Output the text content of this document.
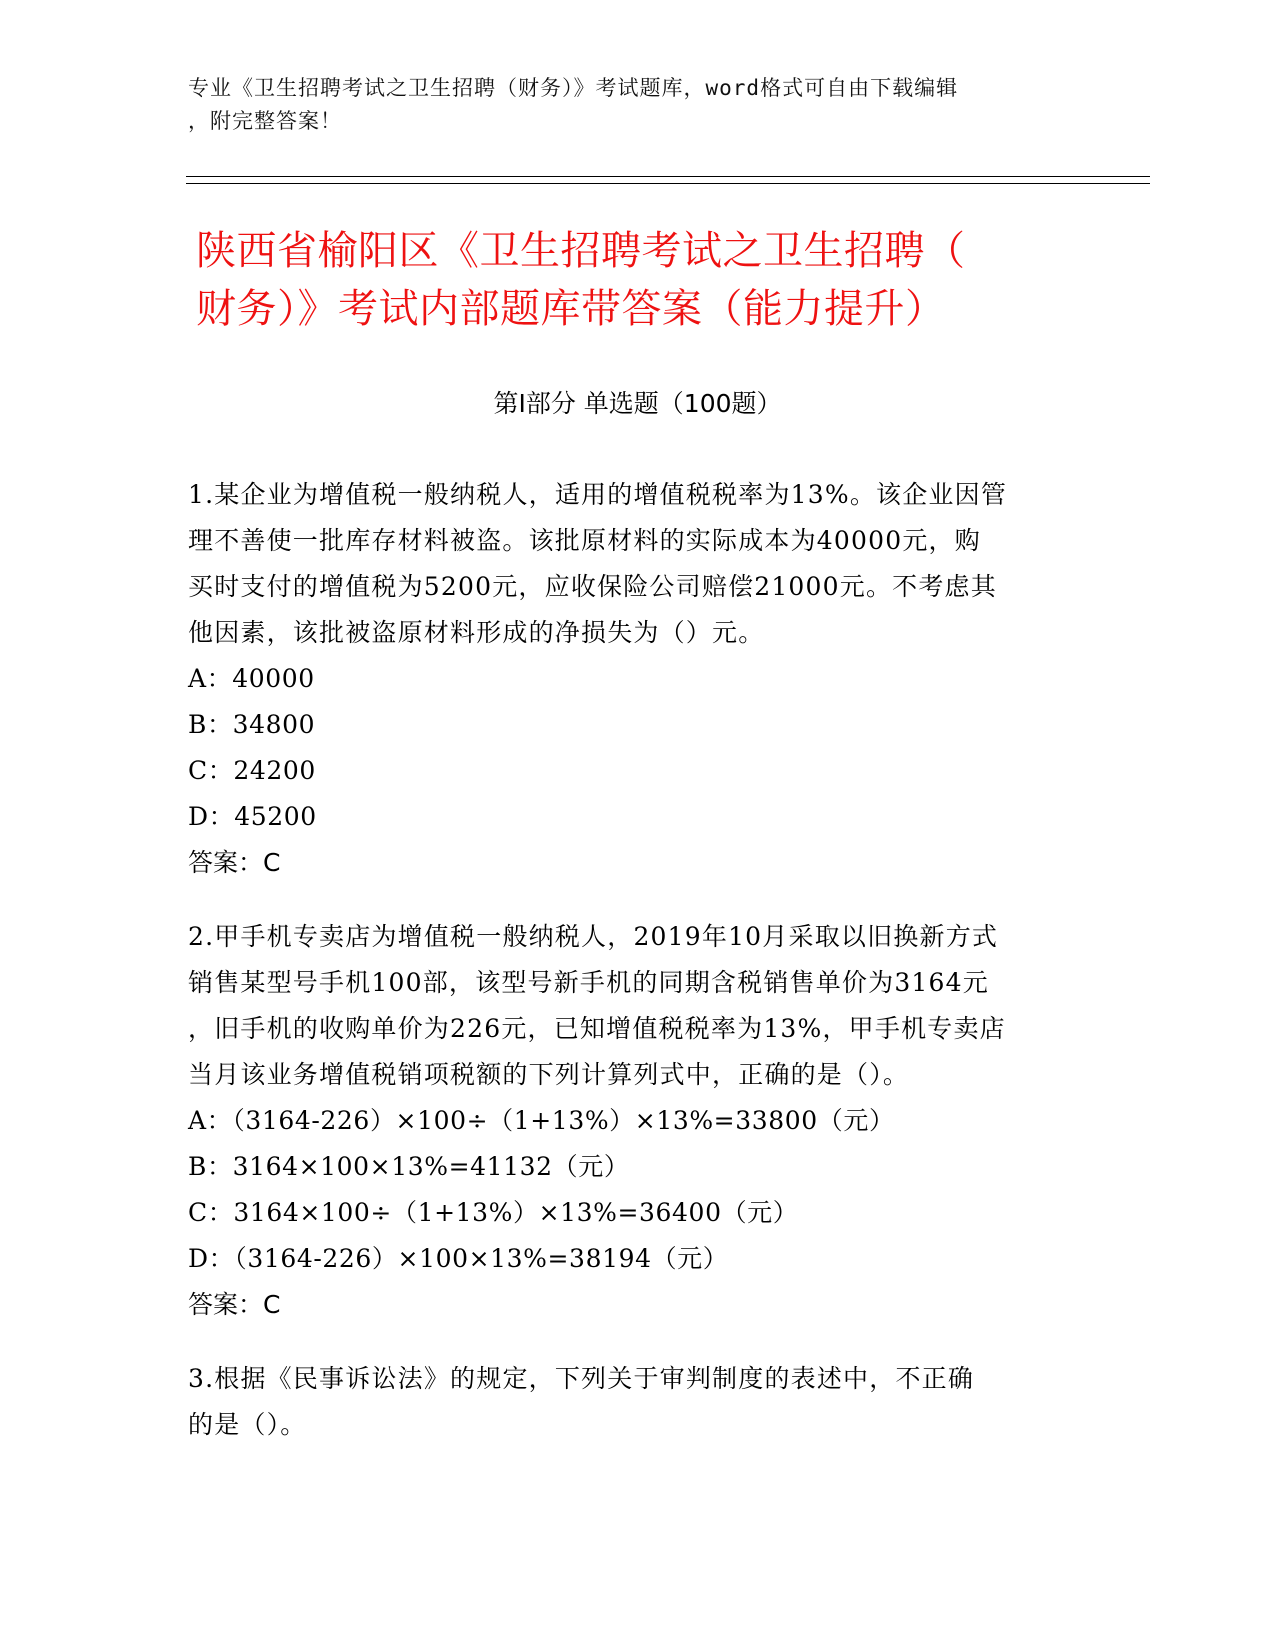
专业《卫生招聘考试之卫生招聘（财务）》考试题库，word格式可自由下载编辑
，附完整答案！
陕西省榆阳区《卫生招聘考试之卫生招聘（
财务）》考试内部题库带答案（能力提升）
第Ⅰ部分 单选题（100题）

1.某企业为增值税一般纳税人，适用的增值税税率为13%。该企业因管

理不善使一批库存材料被盗。该批原材料的实际成本为40000元，购

买时支付的增值税为5200元，应收保险公司赔偿21000元。不考虑其

他因素，该批被盗原材料形成的净损失为（）元。

A：40000

B：34800

C：24200

D：45200

答案：C

2.甲手机专卖店为增值税一般纳税人，2019年10月采取以旧换新方式

销售某型号手机100部，该型号新手机的同期含税销售单价为3164元

，旧手机的收购单价为226元，已知增值税税率为13%，甲手机专卖店

当月该业务增值税销项税额的下列计算列式中，正确的是（）。

A：（3164-226）×100÷（1+13%）×13%=33800（元）

B：3164×100×13%=41132（元）

C：3164×100÷（1+13%）×13%=36400（元）

D：（3164-226）×100×13%=38194（元）

答案：C

3.根据《民事诉讼法》的规定，下列关于审判制度的表述中，不正确

的是（）。
